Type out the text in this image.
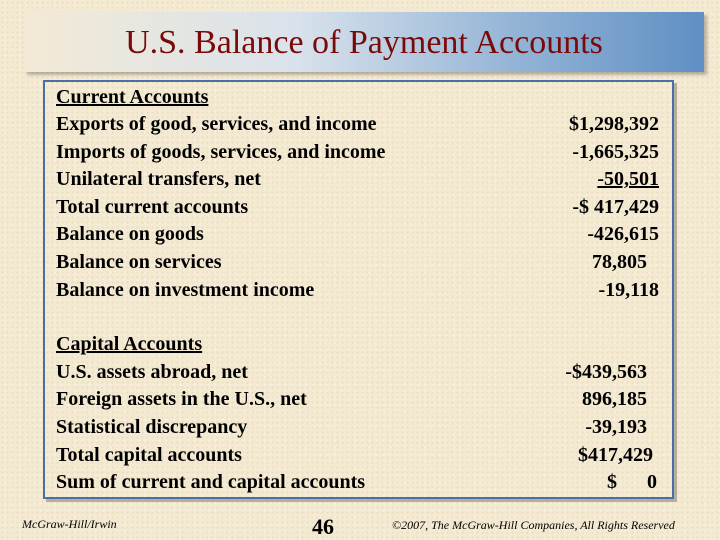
U.S. Balance of Payment Accounts
Current Accounts
Exports of good, services, and income	$1,298,392
Imports of goods, services, and income	-1,665,325
Unilateral transfers, net	-50,501
Total current accounts	-$ 417,429
Balance on goods	-426,615
Balance on services	78,805
Balance on investment income	-19,118
Capital Accounts
U.S. assets abroad, net	-$439,563
Foreign assets in the U.S., net	896,185
Statistical discrepancy	-39,193
Total capital accounts	$417,429
Sum of current and capital accounts	$      0
McGraw-Hill/Irwin	46	©2007, The McGraw-Hill Companies, All Rights Reserved
